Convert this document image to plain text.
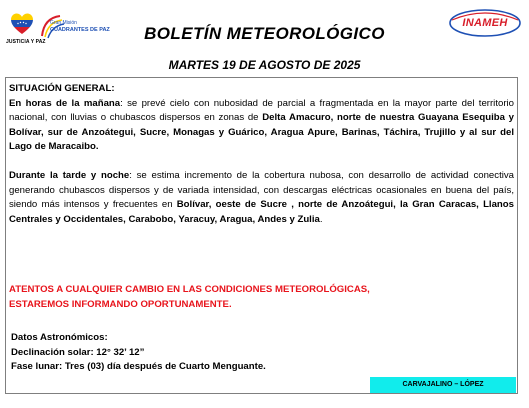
JUSTICIA Y PAZ
Gran Misión
CUADRANTES DE PAZ
INAMEH
BOLETÍN METEOROLÓGICO
MARTES 19 DE AGOSTO DE 2025

SITUACIÓN GENERAL:
En horas de la mañana: se prevé cielo con nubosidad de parcial a fragmentada en la mayor parte del territorio nacional, con lluvias o chubascos dispersos en zonas de Delta Amacuro, norte de nuestra Guayana Esequiba y Bolívar, sur de Anzoátegui, Sucre, Monagas y Guárico, Aragua Apure, Barinas, Táchira, Trujillo y al sur del Lago de Maracaibo.

Durante la tarde y noche: se estima incremento de la cobertura nubosa, con desarrollo de actividad conectiva generando chubascos dispersos y de variada intensidad, con descargas eléctricas ocasionales en buena del país, siendo más intensos y frecuentes en Bolívar, oeste de Sucre , norte de Anzoátegui, la Gran Caracas, Llanos Centrales y Occidentales, Carabobo, Yaracuy, Aragua, Andes y Zulia.

ATENTOS A CUALQUIER CAMBIO EN LAS CONDICIONES METEOROLÓGICAS,
ESTAREMOS INFORMANDO OPORTUNAMENTE.

Datos Astronómicos:
Declinación solar: 12° 32’ 12”
Fase lunar: Tres (03) día después de Cuarto Menguante.

CARVAJALINO – LÓPEZ
